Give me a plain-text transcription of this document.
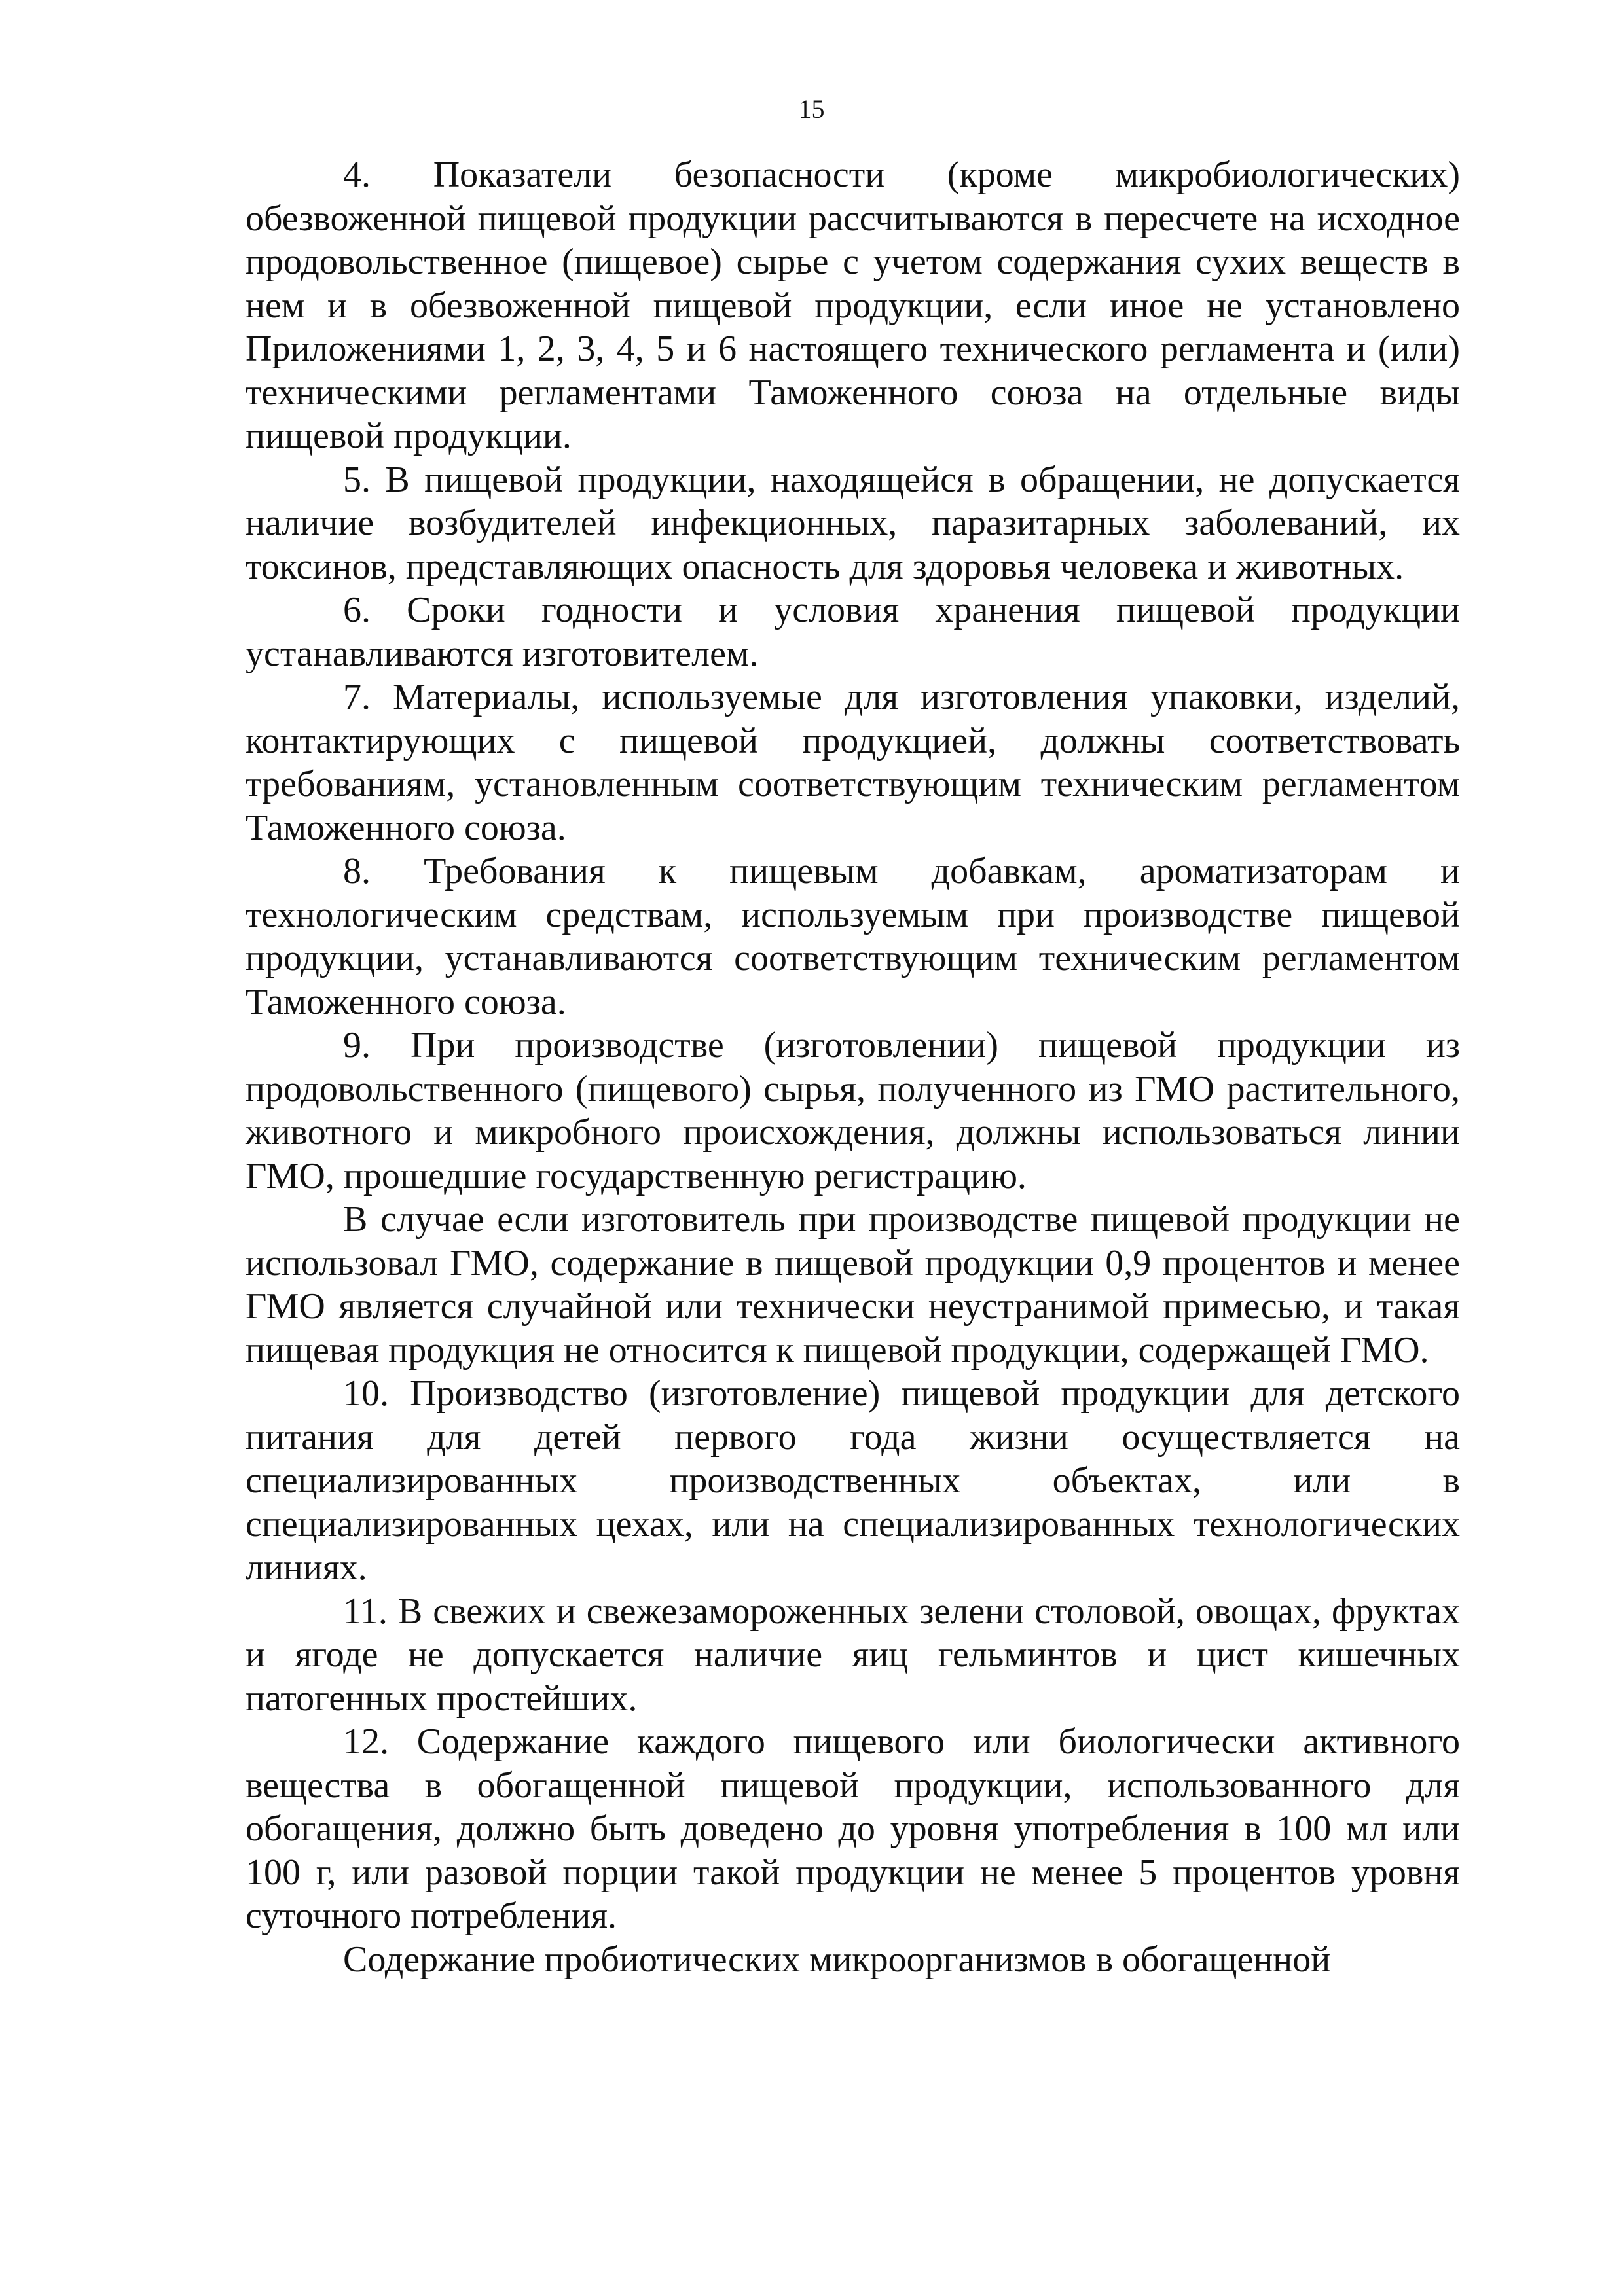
15

4. Показатели безопасности (кроме микробиологических) обезвоженной пищевой продукции рассчитываются в пересчете на исходное продовольственное (пищевое) сырье с учетом содержания сухих веществ в нем и в обезвоженной пищевой продукции, если иное не установлено Приложениями 1, 2, 3, 4, 5 и 6 настоящего технического регламента и (или) техническими регламентами Таможенного союза на отдельные виды пищевой продукции.

5. В пищевой продукции, находящейся в обращении, не допускается наличие возбудителей инфекционных, паразитарных заболеваний, их токсинов, представляющих опасность для здоровья человека и животных.

6. Сроки годности и условия хранения пищевой продукции устанавливаются изготовителем.

7. Материалы, используемые для изготовления упаковки, изделий, контактирующих с пищевой продукцией, должны соответствовать требованиям, установленным соответствующим техническим регламентом Таможенного союза.

8. Требования к пищевым добавкам, ароматизаторам и технологическим средствам, используемым при производстве пищевой продукции, устанавливаются соответствующим техническим регламентом Таможенного союза.

9. При производстве (изготовлении) пищевой продукции из продовольственного (пищевого) сырья, полученного из ГМО растительного, животного и микробного происхождения, должны использоваться линии ГМО, прошедшие государственную регистрацию.

В случае если изготовитель при производстве пищевой продукции не использовал ГМО, содержание в пищевой продукции 0,9 процентов и менее ГМО является случайной или технически неустранимой примесью, и такая пищевая продукция не относится к пищевой продукции, содержащей ГМО.

10. Производство (изготовление) пищевой продукции для детского питания для детей первого года жизни осуществляется на специализированных производственных объектах, или в специализированных цехах, или на специализированных технологических линиях.

11. В свежих и свежезамороженных зелени столовой, овощах, фруктах и ягоде не допускается наличие яиц гельминтов и цист кишечных патогенных простейших.

12. Содержание каждого пищевого или биологически активного вещества в обогащенной пищевой продукции, использованного для обогащения, должно быть доведено до уровня употребления в 100 мл или 100 г, или разовой порции такой продукции не менее 5 процентов уровня суточного потребления.

Содержание пробиотических микроорганизмов в обогащенной
